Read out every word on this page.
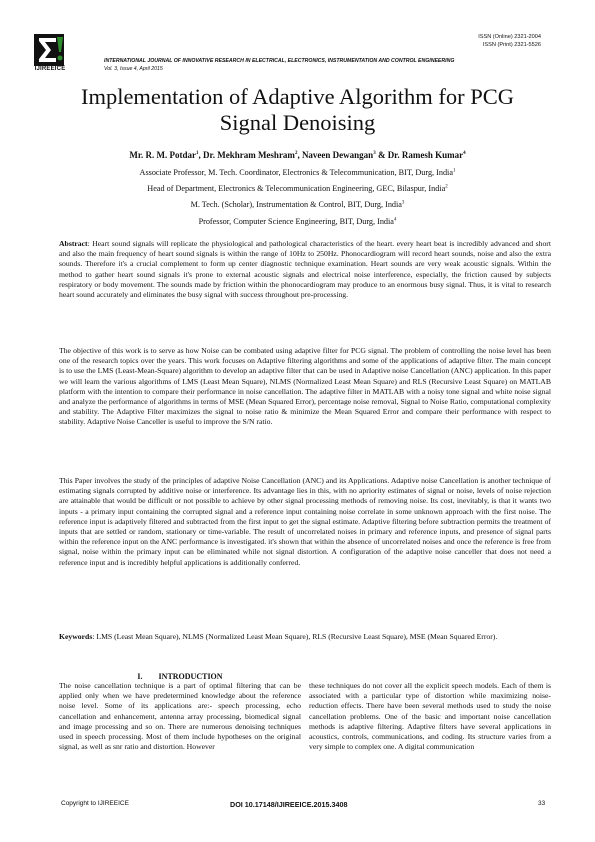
IJIREEICE
ISSN (Online) 2321-2004
ISSN (Print) 2321-5526
INTERNATIONAL JOURNAL OF INNOVATIVE RESEARCH IN ELECTRICAL, ELECTRONICS, INSTRUMENTATION AND CONTROL ENGINEERING
Vol. 3, Issue 4, April 2015
Implementation of Adaptive Algorithm for PCG
Signal Denoising
Mr. R. M. Potdar$^1$, Dr. Mekhram Meshram$^2$, Naveen Dewangan$^3$ & Dr. Ramesh Kumar$^4$
Associate Professor, M. Tech. Coordinator, Electronics & Telecommunication, BIT, Durg, India$^1$
Head of Department, Electronics & Telecommunication Engineering, GEC, Bilaspur, India$^2$
M. Tech. (Scholar), Instrumentation & Control, BIT, Durg, India$^3$
Professor, Computer Science Engineering, BIT, Durg, India$^4$
Abstract: Heart sound signals will replicate the physiological and pathological characteristics of the heart. every heart beat is incredibly advanced and short and also the main frequency of heart sound signals is within the range of 10Hz to 250Hz. Phonocardiogram will record heart sounds, noise and also the extra sounds. Therefore it's a crucial complement to form up center diagnostic technique examination. Heart sounds are very weak acoustic signals. Within the method to gather heart sound signals it's prone to external acoustic signals and electrical noise interference, especially, the friction caused by subjects respiratory or body movement. The sounds made by friction within the phonocardiogram may produce to an enormous busy signal. Thus, it is vital to research heart sound accurately and eliminates the busy signal with success throughout pre-processing.
The objective of this work is to serve as how Noise can be combated using adaptive filter for PCG signal. The problem of controlling the noise level has been one of the research topics over the years. This work focuses on Adaptive filtering algorithms and some of the applications of adaptive filter. The main concept is to use the LMS (Least-Mean-Square) algorithm to develop an adaptive filter that can be used in Adaptive noise Cancellation (ANC) application. In this paper we will learn the various algorithms of LMS (Least Mean Square), NLMS (Normalized Least Mean Square) and RLS (Recursive Least Square) on MATLAB platform with the intention to compare their performance in noise cancellation. The adaptive filter in MATLAB with a noisy tone signal and white noise signal and analyze the performance of algorithms in terms of MSE (Mean Squared Error), percentage noise removal, Signal to Noise Ratio, computational complexity and stability. The Adaptive Filter maximizes the signal to noise ratio & minimize the Mean Squared Error and compare their performance with respect to stability. Adaptive Noise Canceller is useful to improve the S/N ratio.
This Paper involves the study of the principles of adaptive Noise Cancellation (ANC) and its Applications. Adaptive noise Cancellation is another technique of estimating signals corrupted by additive noise or interference. Its advantage lies in this, with no apriority estimates of signal or noise, levels of noise rejection are attainable that would be difficult or not possible to achieve by other signal processing methods of removing noise. Its cost, inevitably, is that it wants two inputs - a primary input containing the corrupted signal and a reference input containing noise correlate in some unknown approach with the first noise. The reference input is adaptively filtered and subtracted from the first input to get the signal estimate. Adaptive filtering before subtraction permits the treatment of inputs that are settled or random, stationary or time-variable. The result of uncorrelated noises in primary and reference inputs, and presence of signal parts within the reference input on the ANC performance is investigated. it's shown that within the absence of uncorrelated noises and once the reference is free from signal, noise within the primary input can be eliminated while not signal distortion. A configuration of the adaptive noise canceller that does not need a reference input and is incredibly helpful applications is additionally conferred.
Keywords: LMS (Least Mean Square), NLMS (Normalized Least Mean Square), RLS (Recursive Least Square), MSE (Mean Squared Error).
I. INTRODUCTION
The noise cancellation technique is a part of optimal filtering that can be applied only when we have predetermined knowledge about the reference noise level. Some of its applications are:- speech processing, echo cancellation and enhancement, antenna array processing, biomedical signal and image processing and so on. There are numerous denoising techniques used in speech processing. Most of them include hypotheses on the original signal, as well as snr ratio and distortion. However
these techniques do not cover all the explicit speech models. Each of them is associated with a particular type of distortion while maximizing noise-reduction effects. There have been several methods used to study the noise cancellation problems. One of the basic and important noise cancellation methods is adaptive filtering. Adaptive filters have several applications in acoustics, controls, communications, and coding. Its structure varies from a very simple to complex one. A digital communication
Copyright to IJIREEICE	DOI 10.17148/IJIREEICE.2015.3408	33
